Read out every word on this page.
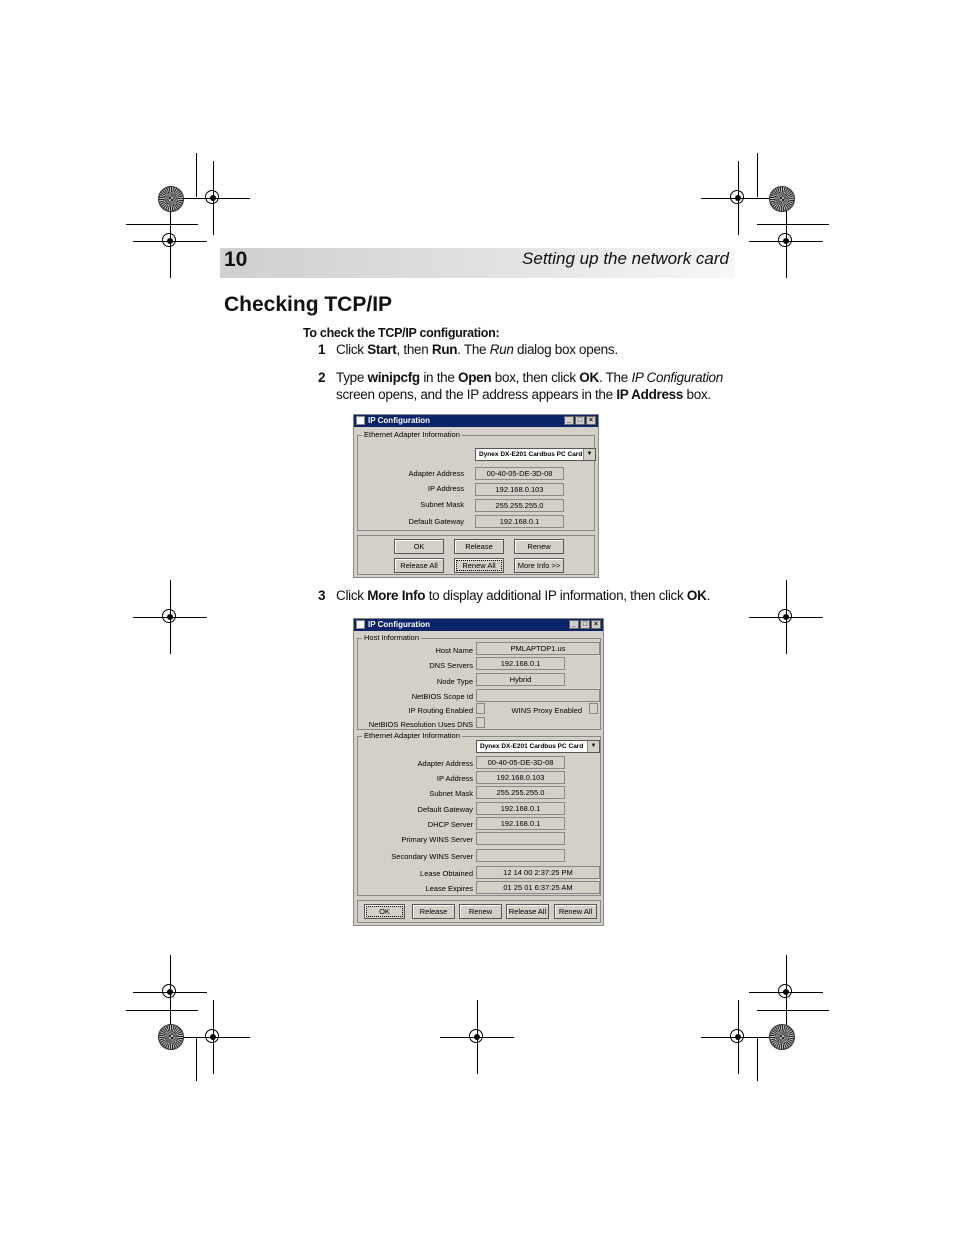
10	Setting up the network card
Checking TCP/IP
To check the TCP/IP configuration:
1 Click Start, then Run. The Run dialog box opens.
2 Type winipcfg in the Open box, then click OK. The IP Configuration screen opens, and the IP address appears in the IP Address box.
3 Click More Info to display additional IP information, then click OK.
IP Configuration	_ □ ×
Ethernet Adapter Information
Dynex DX-E201 Cardbus PC Card ▼
Adapter Address	00-40-05-DE-3D-08
IP Address	192.168.0.103
Subnet Mask	255.255.255.0
Default Gateway	192.168.0.1
OK	Release	Renew
Release All	Renew All	More Info >>
IP Configuration	_ □ ×
Host Information
Host Name	PMLAPTOP1.us
DNS Servers	192.168.0.1
Node Type	Hybrid
NetBIOS Scope Id
IP Routing Enabled	WINS Proxy Enabled
NetBIOS Resolution Uses DNS
Ethernet Adapter Information
Dynex DX-E201 Cardbus PC Card	▼
Adapter Address	00-40-05-DE-3D-08
IP Address	192.168.0.103
Subnet Mask	255.255.255.0
Default Gateway	192.168.0.1
DHCP Server	192.168.0.1
Primary WINS Server
Secondary WINS Server
Lease Obtained	12 14 00 2:37:25 PM
Lease Expires	01 25 01 6:37:25 AM
OK	Release	Renew	Release All	Renew All
